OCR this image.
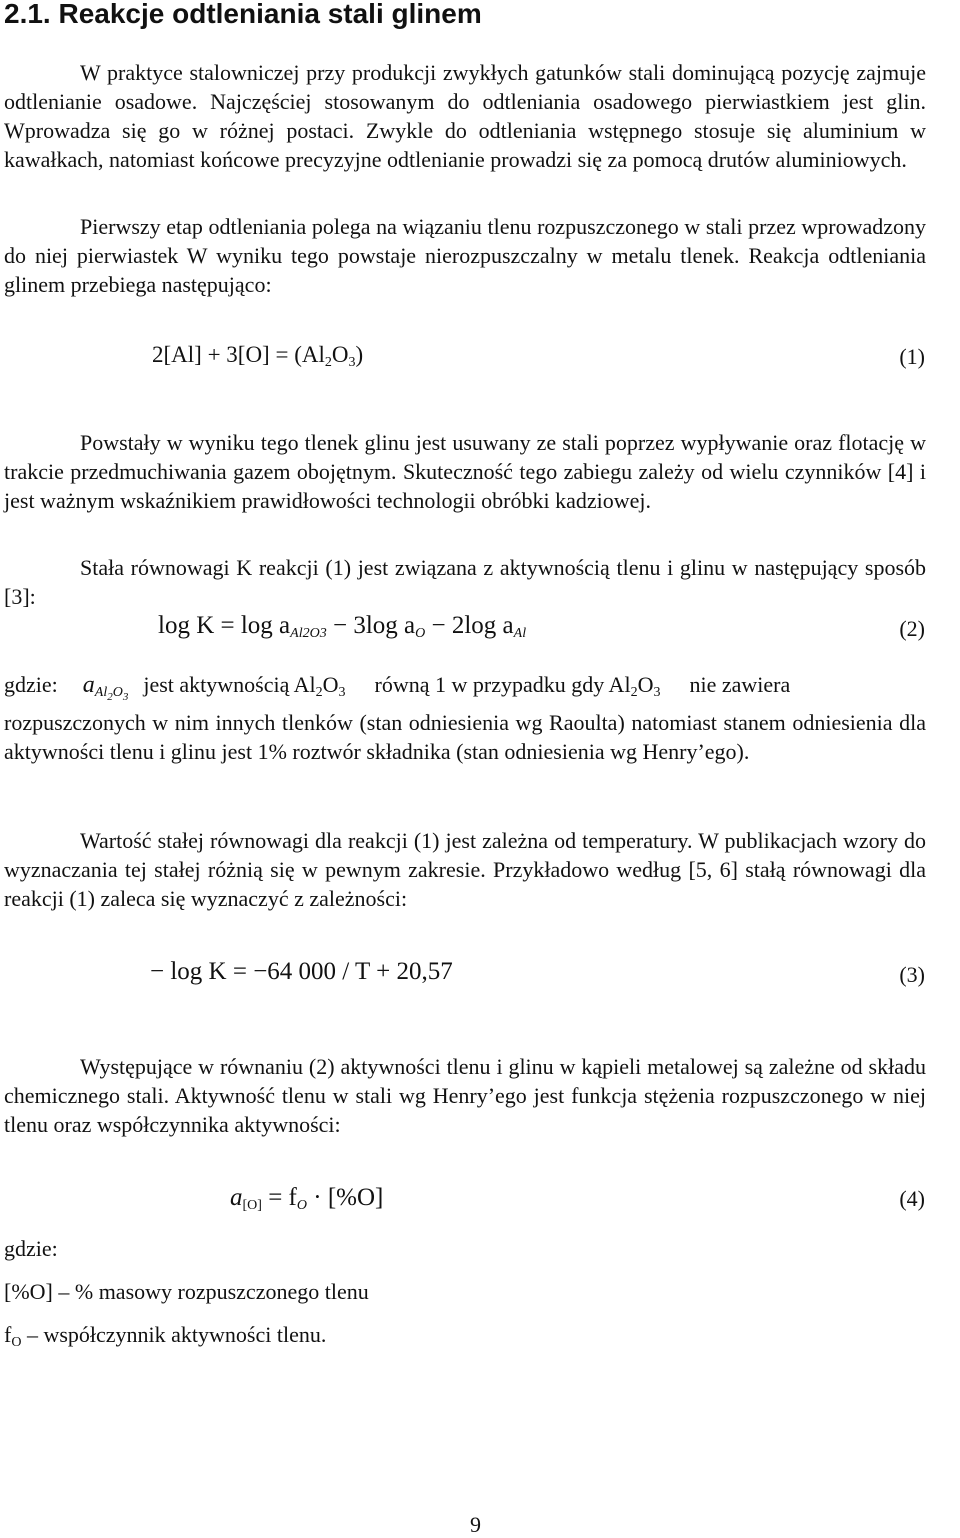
2.1. Reakcje odtleniania stali glinem
W praktyce stalowniczej przy produkcji zwykłych gatunków stali dominującą pozycję zajmuje odtlenianie osadowe. Najczęściej stosowanym do odtleniania osadowego pierwiastkiem jest glin. Wprowadza się go w różnej postaci. Zwykle do odtleniania wstępnego stosuje się aluminium w kawałkach, natomiast końcowe precyzyjne odtlenianie prowadzi się za pomocą drutów aluminiowych.
Pierwszy etap odtleniania polega na wiązaniu tlenu rozpuszczonego w stali przez wprowadzony do niej pierwiastek W wyniku tego powstaje nierozpuszczalny w metalu tlenek. Reakcja odtleniania glinem przebiega następująco:
$2[Al] + 3[O] = (Al_2O_3)$	(1)
Powstały w wyniku tego tlenek glinu jest usuwany ze stali poprzez wypływanie oraz flotację w trakcie przedmuchiwania gazem obojętnym. Skuteczność tego zabiegu zależy od wielu czynników [4] i jest ważnym wskaźnikiem prawidłowości technologii obróbki kadziowej.
Stała równowagi K reakcji (1) jest związana z aktywnością tlenu i glinu w następujący sposób [3]:
$\log K = \log a_{Al2O3} - 3\log$ $a_O - 2\log$ $a_{Al}$	(2)
gdzie: $a_{Al_2O_3}$ jest aktywnością $Al_2O_3$ równą 1 w przypadku gdy $Al_2O_3$ nie zawiera
rozpuszczonych w nim innych tlenków (stan odniesienia wg Raoulta) natomiast stanem odniesienia dla aktywności tlenu i glinu jest 1% roztwór składnika (stan odniesienia wg Henry’ego).
Wartość stałej równowagi dla reakcji (1) jest zależna od temperatury. W publikacjach wzory do wyznaczania tej stałej różnią się w pewnym zakresie. Przykładowo według [5, 6] stałą równowagi dla reakcji (1) zaleca się wyznaczyć z zależności:
− log K = −64 000 / T + 20,57	(3)
Występujące w równaniu (2) aktywności tlenu i glinu w kąpieli metalowej są zależne od składu chemicznego stali. Aktywność tlenu w stali wg Henry’ego jest funkcja stężenia rozpuszczonego w niej tlenu oraz współczynnika aktywności:
$a_{[O]} = f_O \cdot [\%O]$	(4)
gdzie:
[%O] – % masowy rozpuszczonego tlenu
$f_O$ – współczynnik aktywności tlenu.
9
